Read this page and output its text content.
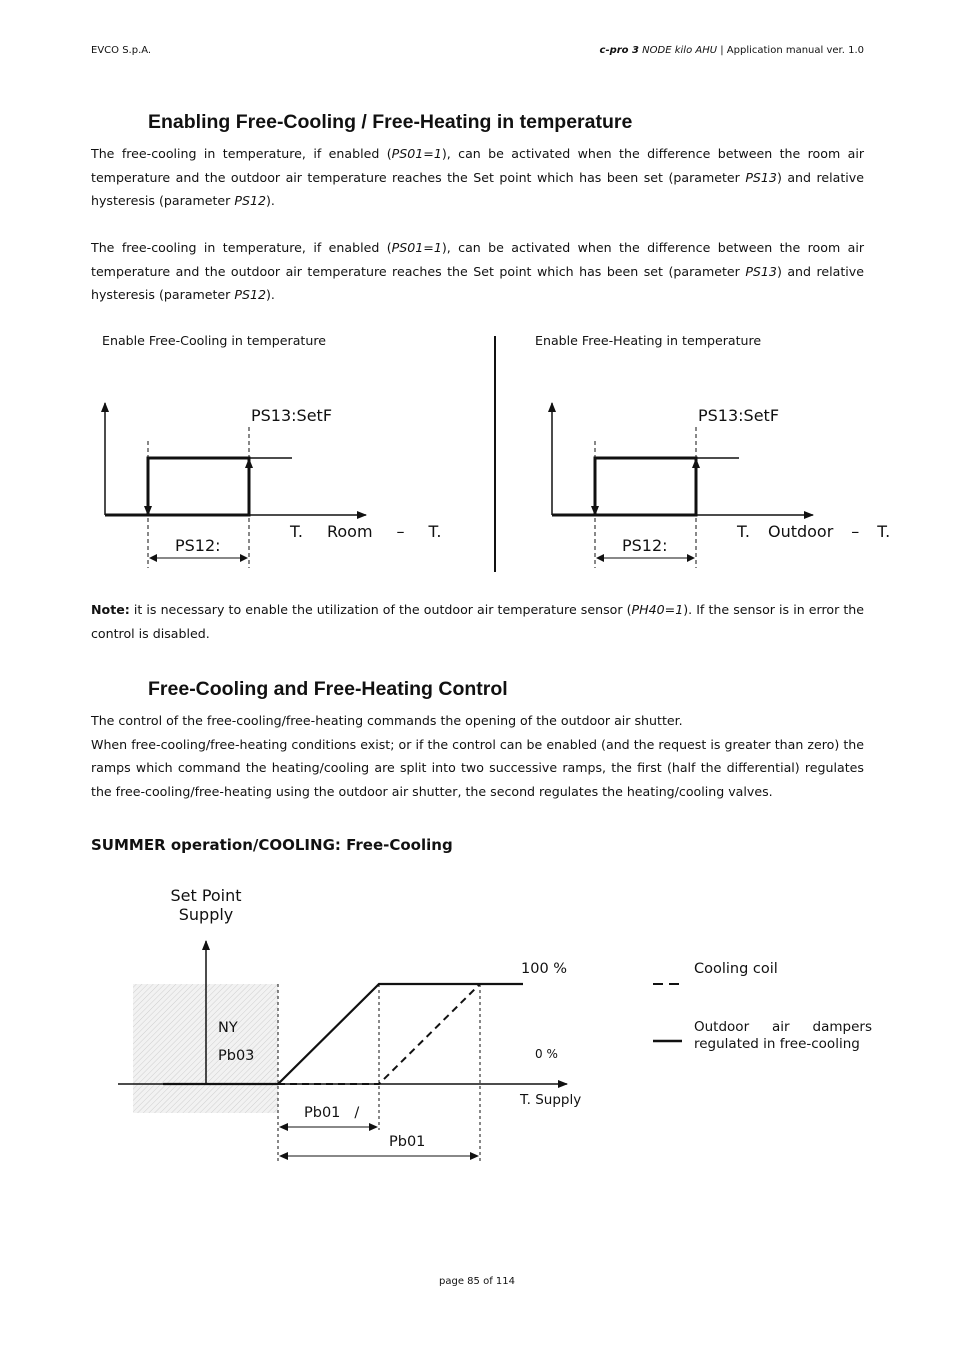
EVCO S.p.A.	c-pro 3 NODE kilo AHU | Application manual ver. 1.0
Enabling Free-Cooling / Free-Heating in temperature

The free-cooling in temperature, if enabled (PS01=1), can be activated when the difference between the room air temperature and the outdoor air temperature reaches the Set point which has been set (parameter PS13) and relative hysteresis (parameter PS12).

The free-cooling in temperature, if enabled (PS01=1), can be activated when the difference between the room air temperature and the outdoor air temperature reaches the Set point which has been set (parameter PS13) and relative hysteresis (parameter PS12).

Enable Free-Cooling in temperature
PS13:SetF
PS12:
T. Room – T.
Enable Free-Heating in temperature
PS13:SetF
PS12:
T. Outdoor – T.

Note: it is necessary to enable the utilization of the outdoor air temperature sensor (PH40=1). If the sensor is in error the control is disabled.

Free-Cooling and Free-Heating Control

The control of the free-cooling/free-heating commands the opening of the outdoor air shutter.

When free-cooling/free-heating conditions exist; or if the control can be enabled (and the request is greater than zero) the ramps which command the heating/cooling are split into two successive ramps, the first (half the differential) regulates the free-cooling/free-heating using the outdoor air shutter, the second regulates the heating/cooling valves.

SUMMER operation/COOLING: Free-Cooling
Set Point
Supply
NY
Pb03
100 %
0 %
T. Supply
Pb01 /
Pb01
Cooling coil
Outdoor air dampers regulated in free-cooling
page 85 of 114
